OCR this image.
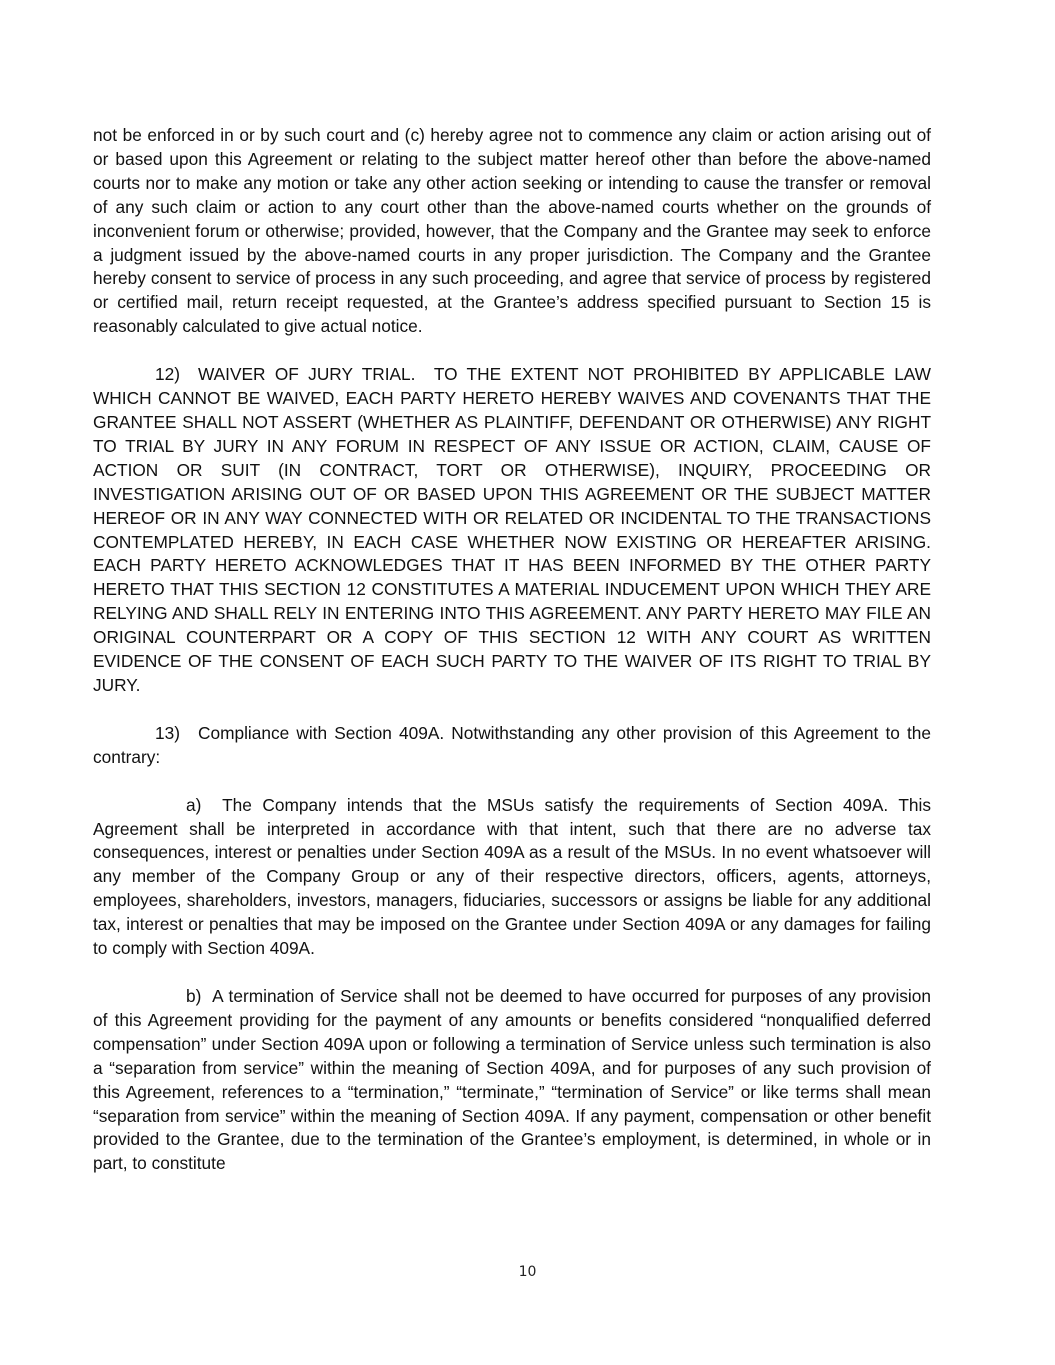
not be enforced in or by such court and (c) hereby agree not to commence any claim or action arising out of or based upon this Agreement or relating to the subject matter hereof other than before the above-named courts nor to make any motion or take any other action seeking or intending to cause the transfer or removal of any such claim or action to any court other than the above-named courts whether on the grounds of inconvenient forum or otherwise; provided, however, that the Company and the Grantee may seek to enforce a judgment issued by the above-named courts in any proper jurisdiction. The Company and the Grantee hereby consent to service of process in any such proceeding, and agree that service of process by registered or certified mail, return receipt requested, at the Grantee’s address specified pursuant to Section 15 is reasonably calculated to give actual notice.

12) WAIVER OF JURY TRIAL. TO THE EXTENT NOT PROHIBITED BY APPLICABLE LAW WHICH CANNOT BE WAIVED, EACH PARTY HERETO HEREBY WAIVES AND COVENANTS THAT THE GRANTEE SHALL NOT ASSERT (WHETHER AS PLAINTIFF, DEFENDANT OR OTHERWISE) ANY RIGHT TO TRIAL BY JURY IN ANY FORUM IN RESPECT OF ANY ISSUE OR ACTION, CLAIM, CAUSE OF ACTION OR SUIT (IN CONTRACT, TORT OR OTHERWISE), INQUIRY, PROCEEDING OR INVESTIGATION ARISING OUT OF OR BASED UPON THIS AGREEMENT OR THE SUBJECT MATTER HEREOF OR IN ANY WAY CONNECTED WITH OR RELATED OR INCIDENTAL TO THE TRANSACTIONS CONTEMPLATED HEREBY, IN EACH CASE WHETHER NOW EXISTING OR HEREAFTER ARISING. EACH PARTY HERETO ACKNOWLEDGES THAT IT HAS BEEN INFORMED BY THE OTHER PARTY HERETO THAT THIS SECTION 12 CONSTITUTES A MATERIAL INDUCEMENT UPON WHICH THEY ARE RELYING AND SHALL RELY IN ENTERING INTO THIS AGREEMENT. ANY PARTY HERETO MAY FILE AN ORIGINAL COUNTERPART OR A COPY OF THIS SECTION 12 WITH ANY COURT AS WRITTEN EVIDENCE OF THE CONSENT OF EACH SUCH PARTY TO THE WAIVER OF ITS RIGHT TO TRIAL BY JURY.

13) Compliance with Section 409A. Notwithstanding any other provision of this Agreement to the contrary:

a) The Company intends that the MSUs satisfy the requirements of Section 409A. This Agreement shall be interpreted in accordance with that intent, such that there are no adverse tax consequences, interest or penalties under Section 409A as a result of the MSUs. In no event whatsoever will any member of the Company Group or any of their respective directors, officers, agents, attorneys, employees, shareholders, investors, managers, fiduciaries, successors or assigns be liable for any additional tax, interest or penalties that may be imposed on the Grantee under Section 409A or any damages for failing to comply with Section 409A.

b) A termination of Service shall not be deemed to have occurred for purposes of any provision of this Agreement providing for the payment of any amounts or benefits considered “nonqualified deferred compensation” under Section 409A upon or following a termination of Service unless such termination is also a “separation from service” within the meaning of Section 409A, and for purposes of any such provision of this Agreement, references to a “termination,” “terminate,” “termination of Service” or like terms shall mean “separation from service” within the meaning of Section 409A. If any payment, compensation or other benefit provided to the Grantee, due to the termination of the Grantee’s employment, is determined, in whole or in part, to constitute

10
